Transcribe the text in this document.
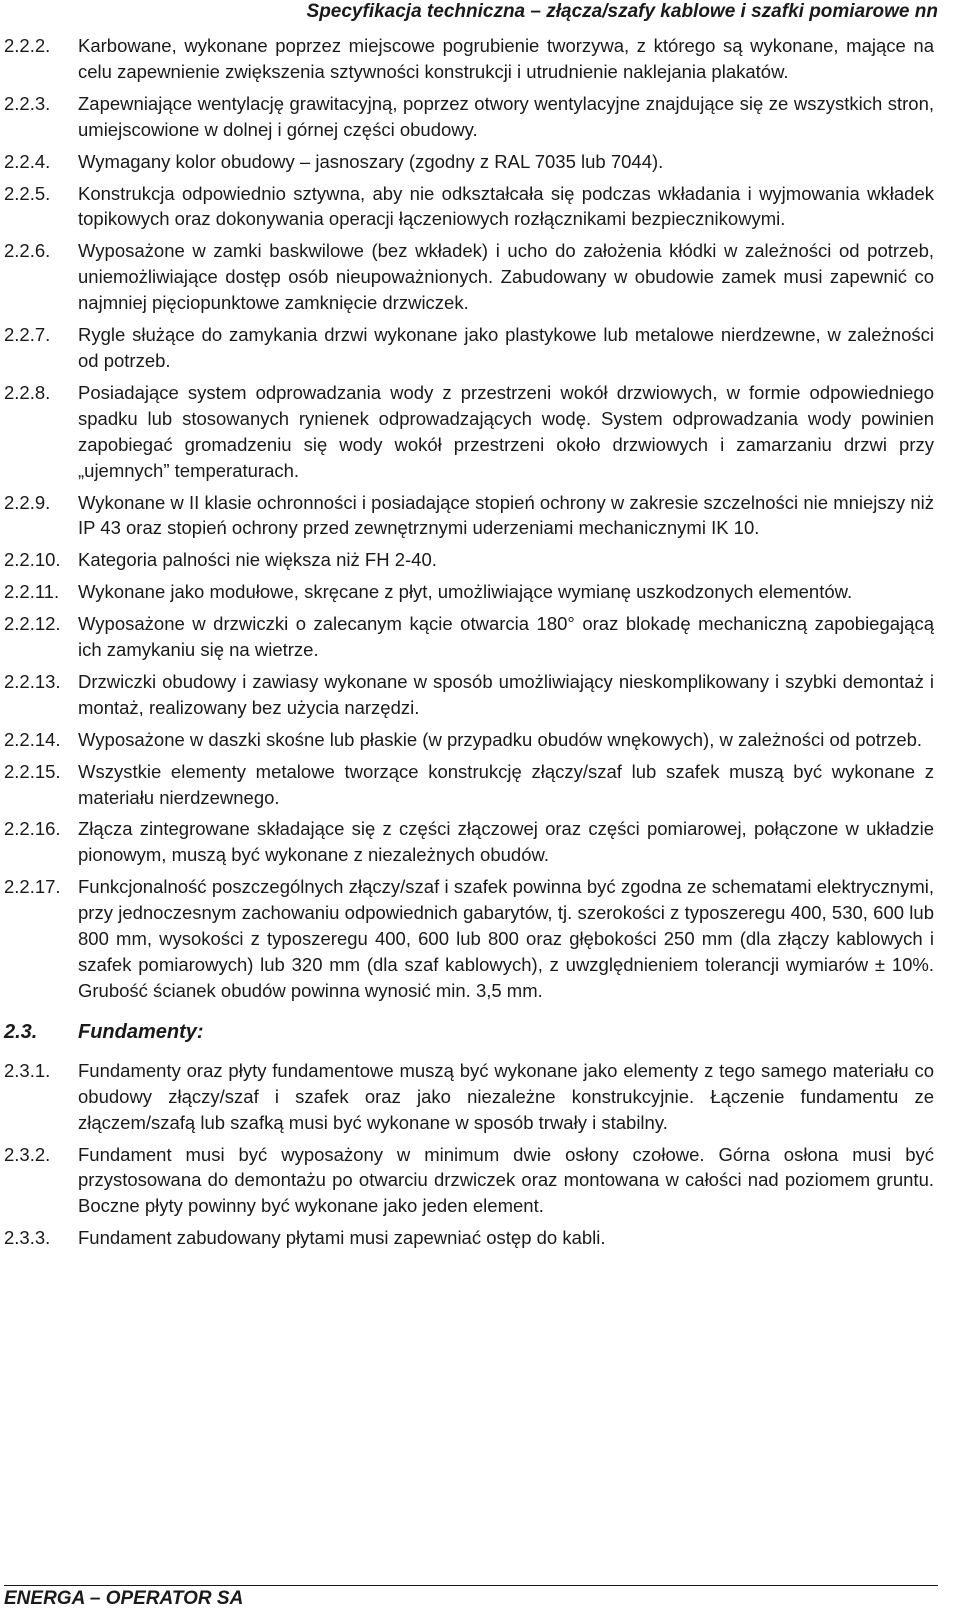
Specyfikacja techniczna – złącza/szafy kablowe i szafki pomiarowe nn
2.2.2.	Karbowane, wykonane poprzez miejscowe pogrubienie tworzywa, z którego są wykonane, mające na celu zapewnienie zwiększenia sztywności konstrukcji i utrudnienie naklejania plakatów.
2.2.3.	Zapewniające wentylację grawitacyjną, poprzez otwory wentylacyjne znajdujące się ze wszystkich stron, umiejscowione w dolnej i górnej części obudowy.
2.2.4.	Wymagany kolor obudowy – jasnoszary (zgodny z RAL 7035 lub 7044).
2.2.5.	Konstrukcja odpowiednio sztywna, aby nie odkształcała się podczas wkładania i wyjmowania wkładek topikowych oraz dokonywania operacji łączeniowych rozłącznikami bezpiecznikowymi.
2.2.6.	Wyposażone w zamki baskwilowe (bez wkładek) i ucho do założenia kłódki w zależności od potrzeb, uniemożliwiające dostęp osób nieupoważnionych. Zabudowany w obudowie zamek musi zapewnić co najmniej pięciopunktowe zamknięcie drzwiczek.
2.2.7.	Rygle służące do zamykania drzwi wykonane jako plastykowe lub metalowe nierdzewne, w zależności od potrzeb.
2.2.8.	Posiadające system odprowadzania wody z przestrzeni wokół drzwiowych, w formie odpowiedniego spadku lub stosowanych rynienek odprowadzających wodę. System odprowadzania wody powinien zapobiegać gromadzeniu się wody wokół przestrzeni około drzwiowych i zamarzaniu drzwi przy „ujemnych” temperaturach.
2.2.9.	Wykonane w II klasie ochronności i posiadające stopień ochrony w zakresie szczelności nie mniejszy niż IP 43 oraz stopień ochrony przed zewnętrznymi uderzeniami mechanicznymi IK 10.
2.2.10. Kategoria palności nie większa niż FH 2-40.
2.2.11.	Wykonane jako modułowe, skręcane z płyt, umożliwiające wymianę uszkodzonych elementów.
2.2.12. Wyposażone w drzwiczki o zalecanym kącie otwarcia 180° oraz blokadę mechaniczną zapobiegającą ich zamykaniu się na wietrze.
2.2.13. Drzwiczki obudowy i zawiasy wykonane w sposób umożliwiający nieskomplikowany i szybki demontaż i montaż, realizowany bez użycia narzędzi.
2.2.14. Wyposażone w daszki skośne lub płaskie (w przypadku obudów wnękowych), w zależności od potrzeb.
2.2.15. Wszystkie elementy metalowe tworzące konstrukcję złączy/szaf lub szafek muszą być wykonane z materiału nierdzewnego.
2.2.16. Złącza zintegrowane składające się z części złączowej oraz części pomiarowej, połączone w układzie pionowym, muszą być wykonane z niezależnych obudów.
2.2.17. Funkcjonalność poszczególnych złączy/szaf i szafek powinna być zgodna ze schematami elektrycznymi, przy jednoczesnym zachowaniu odpowiednich gabarytów, tj. szerokości z typoszeregu 400, 530, 600 lub 800 mm, wysokości z typoszeregu 400, 600 lub 800 oraz głębokości 250 mm (dla złączy kablowych i szafek pomiarowych) lub 320 mm (dla szaf kablowych), z uwzględnieniem tolerancji wymiarów ± 10%. Grubość ścianek obudów powinna wynosić min. 3,5 mm.
2.3.	Fundamenty:
2.3.1.	Fundamenty oraz płyty fundamentowe muszą być wykonane jako elementy z tego samego materiału co obudowy złączy/szaf i szafek oraz jako niezależne konstrukcyjnie. Łączenie fundamentu ze złączem/szafą lub szafką musi być wykonane w sposób trwały i stabilny.
2.3.2.	Fundament musi być wyposażony w minimum dwie osłony czołowe. Górna osłona musi być przystosowana do demontażu po otwarciu drzwiczek oraz montowana w całości nad poziomem gruntu. Boczne płyty powinny być wykonane jako jeden element.
2.3.3.	Fundament zabudowany płytami musi zapewniać ostęp do kabli.
ENERGA – OPERATOR SA
